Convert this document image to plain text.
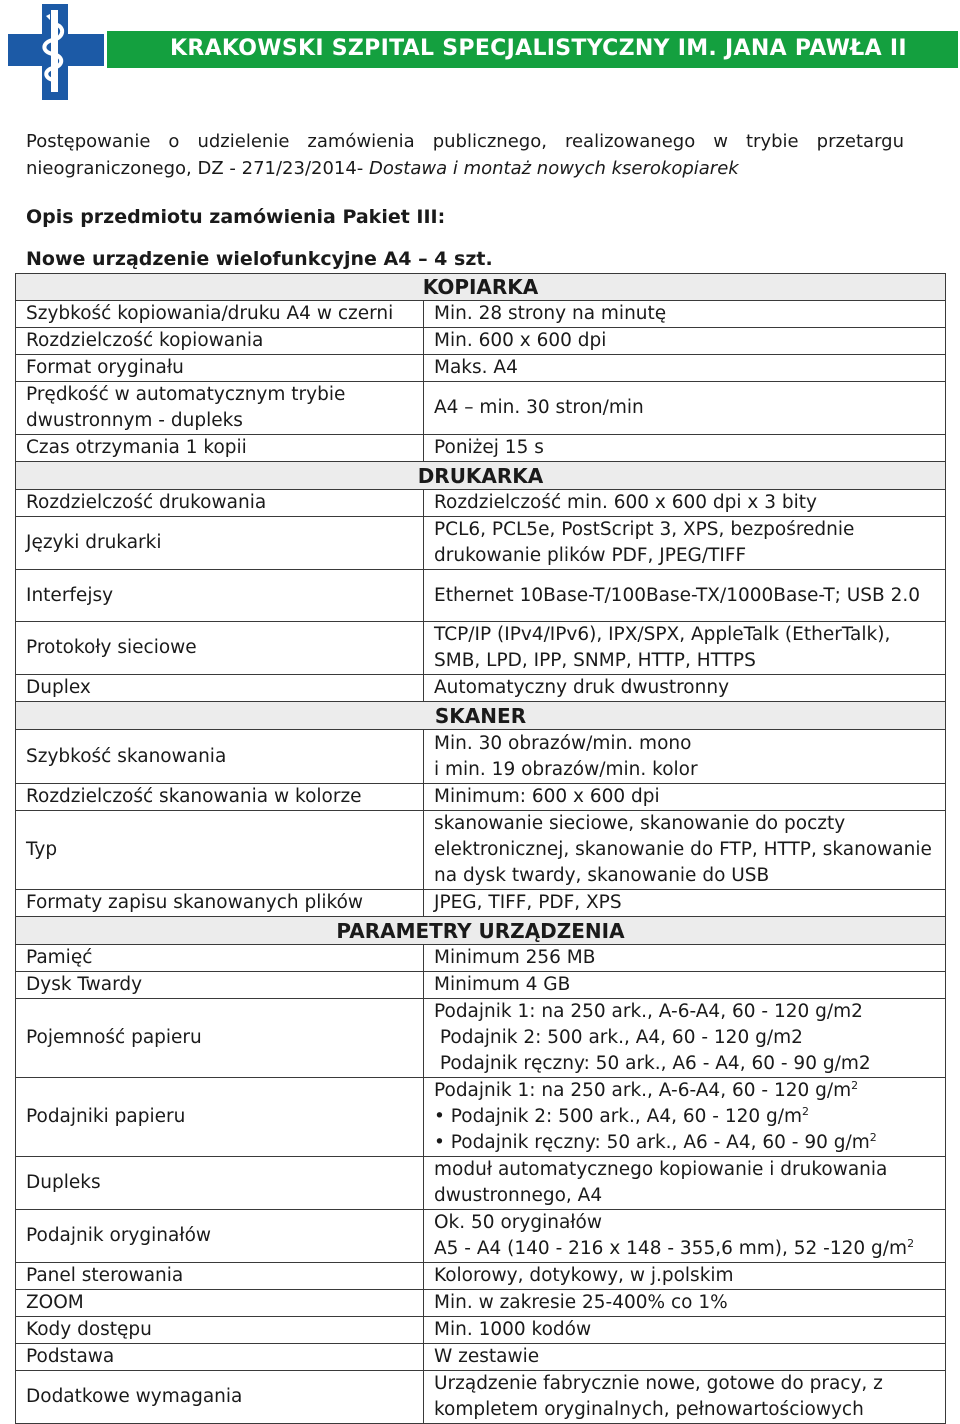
KRAKOWSKI SZPITAL SPECJALISTYCZNY IM. JANA PAWŁA II
Postępowanie o udzielenie zamówienia publicznego, realizowanego w trybie przetargu
nieograniczonego, DZ - 271/23/2014- Dostawa i montaż nowych kserokopiarek
Opis przedmiotu zamówienia Pakiet III:
Nowe urządzenie wielofunkcyjne A4 – 4 szt.
KOPIARKA	
Szybkość kopiowania/druku A4 w czerni	Min. 28 strony na minutę
Rozdzielczość kopiowania	Min. 600 x 600 dpi
Format oryginału	Maks. A4
Prędkość w automatycznym trybie dwustronnym - dupleks	A4 – min. 30 stron/min
Czas otrzymania 1 kopii	Poniżej 15 s
DRUKARKA	
Rozdzielczość drukowania	Rozdzielczość min. 600 x 600 dpi x 3 bity
Języki drukarki	PCL6, PCL5e, PostScript 3, XPS, bezpośrednie drukowanie plików PDF, JPEG/TIFF
Interfejsy	Ethernet 10Base-T/100Base-TX/1000Base-T; USB 2.0
Protokoły sieciowe	TCP/IP (IPv4/IPv6), IPX/SPX, AppleTalk (EtherTalk), SMB, LPD, IPP, SNMP, HTTP, HTTPS
Duplex	Automatyczny druk dwustronny
SKANER	
Szybkość skanowania	Min. 30 obrazów/min. mono
i min. 19 obrazów/min. kolor

Rozdzielczość skanowania w kolorze	Minimum: 600 x 600 dpi
Typ	skanowanie sieciowe, skanowanie do poczty elektronicznej, skanowanie do FTP, HTTP, skanowanie na dysk twardy, skanowanie do USB
Formaty zapisu skanowanych plików	JPEG, TIFF, PDF, XPS
PARAMETRY URZĄDZENIA	
Pamięć	Minimum 256 MB
Dysk Twardy	Minimum 4 GB
Pojemność papieru	Podajnik 1: na 250 ark., A-6-A4, 60 - 120 g/m2
Podajnik 2: 500 ark., A4, 60 - 120 g/m2
Podajnik ręczny: 50 ark., A6 - A4, 60 - 90 g/m2

Podajniki papieru	Podajnik 1: na 250 ark., A-6-A4, 60 - 120 $g/m^2$
• Podajnik 2: 500 ark., A4, 60 - 120 $g/m^2$
• Podajnik ręczny: 50 ark., A6 - A4, 60 - 90 $g/m^2$

Dupleks	moduł automatycznego kopiowanie i drukowania dwustronnego, A4
Podajnik oryginałów	Ok. 50 oryginałów
A5 - A4 (140 - 216 x 148 - 355,6 mm), 52 -120 $g/m^2$

Panel sterowania	Kolorowy, dotykowy, w j.polskim
ZOOM	Min. w zakresie 25-400% co 1%
Kody dostępu	Min. 1000 kodów
Podstawa	W zestawie
Dodatkowe wymagania	Urządzenie fabrycznie nowe, gotowe do pracy, z kompletem oryginalnych, pełnowartościowych
